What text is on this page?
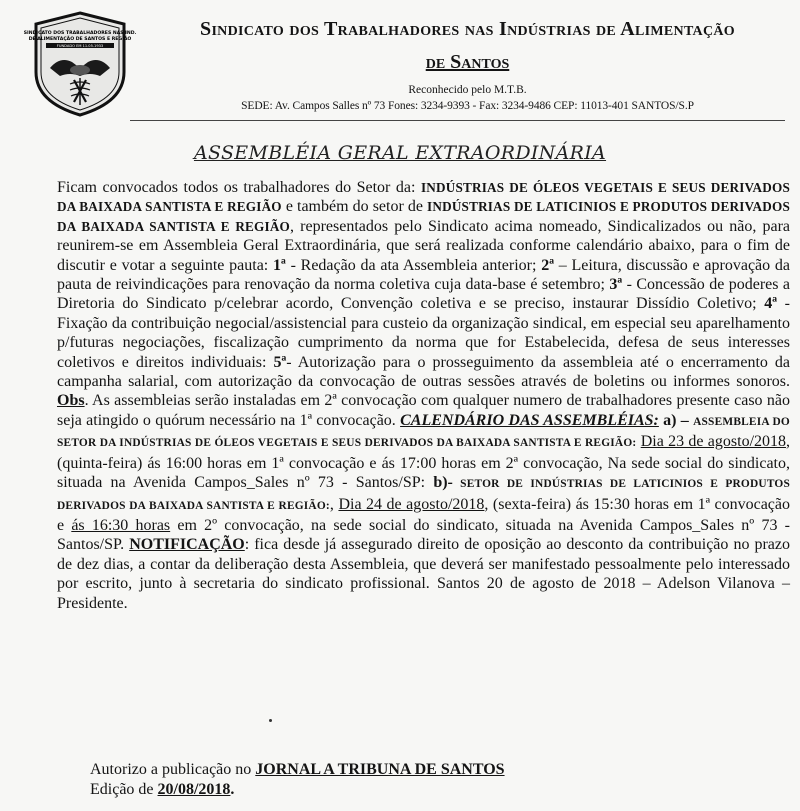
SINDICATO DOS TRABALHADORES NAS IND.
DE ALIMENTAÇÃO DE SANTOS E REGIÃO
FUNDADO EM 11.05.1933
Sindicato dos Trabalhadores nas Indústrias de Alimentação
de Santos
Reconhecido pelo M.T.B.
SEDE: Av. Campos Salles nº 73 Fones: 3234-9393 - Fax: 3234-9486 CEP: 11013-401 SANTOS/S.P
ASSEMBLÉIA GERAL EXTRAORDINÁRIA

Ficam convocados todos os trabalhadores do Setor da: INDÚSTRIAS DE ÓLEOS VEGETAIS E SEUS DERIVADOS DA BAIXADA SANTISTA E REGIÃO e também do setor de INDÚSTRIAS DE LATICINIOS E PRODUTOS DERIVADOS DA BAIXADA SANTISTA E REGIÃO, representados pelo Sindicato acima nomeado, Sindicalizados ou não, para reunirem-se em Assembleia Geral Extraordinária, que será realizada conforme calendário abaixo, para o fim de discutir e votar a seguinte pauta: 1ª - Redação da ata Assembleia anterior; 2ª – Leitura, discussão e aprovação da pauta de reivindicações para renovação da norma coletiva cuja data-base é setembro; 3ª - Concessão de poderes a Diretoria do Sindicato p/celebrar acordo, Convenção coletiva e se preciso, instaurar Dissídio Coletivo; 4ª - Fixação da contribuição negocial/assistencial para custeio da organização sindical, em especial seu aparelhamento p/futuras negociações, fiscalização cumprimento da norma que for Estabelecida, defesa de seus interesses coletivos e direitos individuais: 5ª- Autorização para o prosseguimento da assembleia até o encerramento da campanha salarial, com autorização da convocação de outras sessões através de boletins ou informes sonoros. Obs. As assembleias serão instaladas em 2ª convocação com qualquer numero de trabalhadores presente caso não seja atingido o quórum necessário na 1ª convocação. CALENDÁRIO DAS ASSEMBLÉIAS: a) – ASSEMBLEIA DO SETOR DA INDÚSTRIAS DE ÓLEOS VEGETAIS E SEUS DERIVADOS DA BAIXADA SANTISTA E REGIÃO: Dia 23 de agosto/2018, (quinta-feira) ás 16:00 horas em 1ª convocação e ás 17:00 horas em 2ª convocação, Na sede social do sindicato, situada na Avenida Campos_Sales nº 73 - Santos/SP: b)- SETOR DE INDÚSTRIAS DE LATICINIOS E PRODUTOS DERIVADOS DA BAIXADA SANTISTA E REGIÃO:, Dia 24 de agosto/2018, (sexta-feira) ás 15:30 horas em 1ª convocação e ás 16:30 horas em 2º convocação, na sede social do sindicato, situada na Avenida Campos_Sales nº 73 - Santos/SP. NOTIFICAÇÃO: fica desde já assegurado direito de oposição ao desconto da contribuição no prazo de dez dias, a contar da deliberação desta Assembleia, que deverá ser manifestado pessoalmente pelo interessado por escrito, junto à secretaria do sindicato profissional. Santos 20 de agosto de 2018 – Adelson Vilanova – Presidente.

Autorizo a publicação no JORNAL A TRIBUNA DE SANTOS
Edição de 20/08/2018.
